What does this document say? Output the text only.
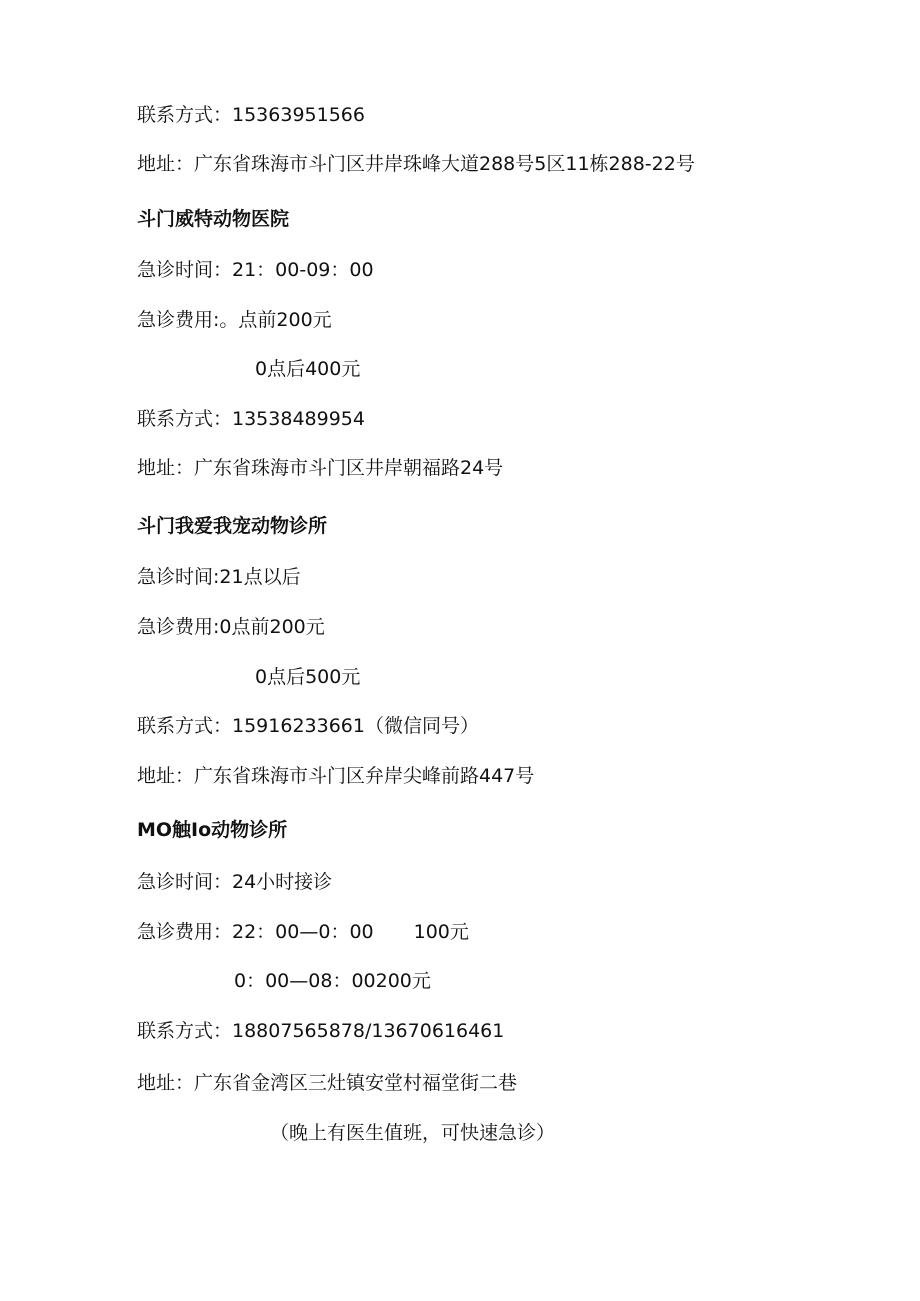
联系方式：15363951566
地址：广东省珠海市斗门区井岸珠峰大道288号5区11栋288-22号
斗门威特动物医院
急诊时间：21：00-09：00
急诊费用:。点前200元
0点后400元
联系方式：13538489954
地址：广东省珠海市斗门区井岸朝福路24号
斗门我爱我宠动物诊所
急诊时间:21点以后
急诊费用:0点前200元
0点后500元
联系方式：15916233661（微信同号）
地址：广东省珠海市斗门区弁岸尖峰前路447号
MO触Io动物诊所
急诊时间：24小时接诊
急诊费用：22：00—0：00 100元
0：00—08：00200元
联系方式：18807565878/13670616461
地址：广东省金湾区三灶镇安堂村福堂街二巷
（晚上有医生值班，可快速急诊）
